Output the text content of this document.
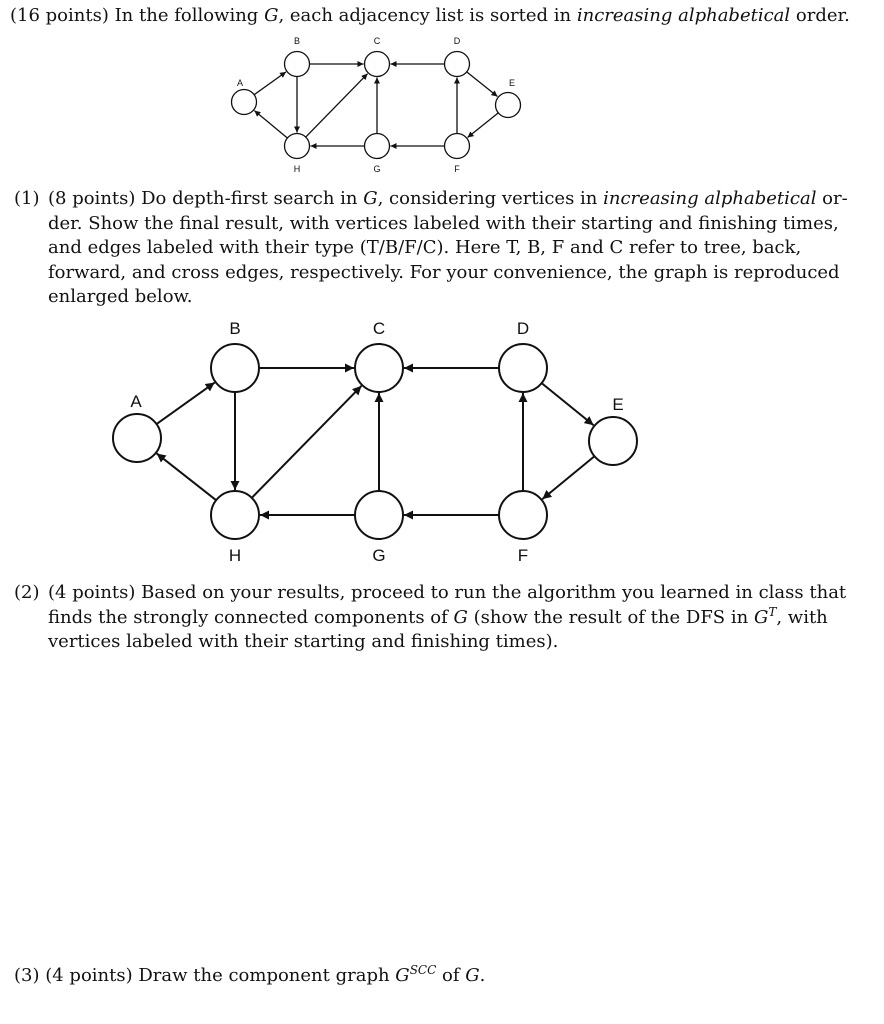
(16 points) In the following G, each adjacency list is sorted in increasing alphabetical order.
A
B	C	D
E
F
G
H
(1) (8 points) Do depth-first search in G, considering vertices in increasing alphabetical or-
der. Show the final result, with vertices labeled with their starting and finishing times,
and edges labeled with their type (T/B/F/C). Here T, B, F and C refer to tree, back,
forward, and cross edges, respectively. For your convenience, the graph is reproduced
enlarged below.
A
B	C	D
E
F
G
H
(2) (4 points) Based on your results, proceed to run the algorithm you learned in class that
finds the strongly connected components of G (show the result of the DFS in $G^T$, with
vertices labeled with their starting and finishing times).
(3) (4 points) Draw the component graph $G^{SCC}$ of G.
